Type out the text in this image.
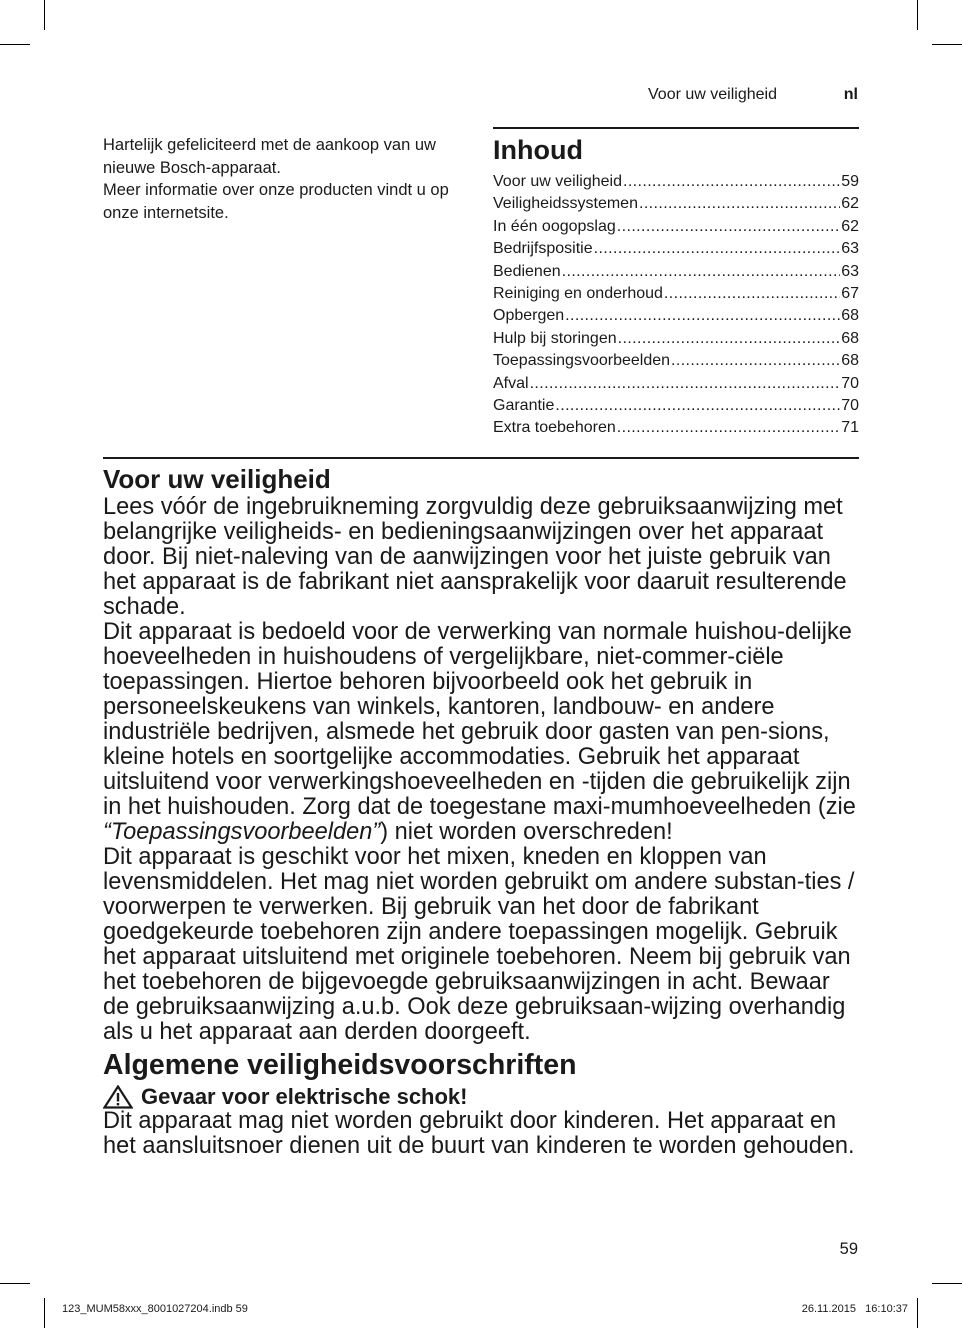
Voor uw veiligheid	nl

Hartelijk gefeliciteerd met de aankoop van uw nieuwe Bosch-apparaat.

Meer informatie over onze producten vindt u op onze internetsite.

Inhoud
Voor uw veiligheid .....	59
Veiligheidssystemen .....	62
In één oogopslag .....	62
Bedrijfspositie .....	63
Bedienen .....	63
Reiniging en onderhoud .....	67
Opbergen .....	68
Hulp bij storingen .....	68
Toepassingsvoorbeelden .....	68
Afval .....	70
Garantie .....	70
Extra toebehoren .....	71
Voor uw veiligheid

Lees vóór de ingebruikneming zorgvuldig deze gebruiksaanwijzing met belangrijke veiligheids- en bedieningsaanwijzingen over het apparaat door. Bij niet-naleving van de aanwijzingen voor het juiste gebruik van het apparaat is de fabrikant niet aansprakelijk voor daaruit resulterende schade.

Dit apparaat is bedoeld voor de verwerking van normale huishou-delijke hoeveelheden in huishoudens of vergelijkbare, niet-commer-ciële toepassingen. Hiertoe behoren bijvoorbeeld ook het gebruik in personeelskeukens van winkels, kantoren, landbouw- en andere industriële bedrijven, alsmede het gebruik door gasten van pen-sions, kleine hotels en soortgelijke accommodaties. Gebruik het apparaat uitsluitend voor verwerkingshoeveelheden en -tijden die gebruikelijk zijn in het huishouden. Zorg dat de toegestane maxi-mumhoeveelheden (zie “Toepassingsvoorbeelden”) niet worden overschreden!

Dit apparaat is geschikt voor het mixen, kneden en kloppen van levensmiddelen. Het mag niet worden gebruikt om andere substan-ties / voorwerpen te verwerken. Bij gebruik van het door de fabrikant goedgekeurde toebehoren zijn andere toepassingen mogelijk. Gebruik het apparaat uitsluitend met originele toebehoren. Neem bij gebruik van het toebehoren de bijgevoegde gebruiksaanwijzingen in acht. Bewaar de gebruiksaanwijzing a.u.b. Ook deze gebruiksaan-wijzing overhandig als u het apparaat aan derden doorgeeft.

Algemene veiligheidsvoorschriften
Gevaar voor elektrische schok!

Dit apparaat mag niet worden gebruikt door kinderen. Het apparaat en het aansluitsnoer dienen uit de buurt van kinderen te worden gehouden.

59
123_MUM58xxx_8001027204.indb 59	26.11.2015   16:10:37
